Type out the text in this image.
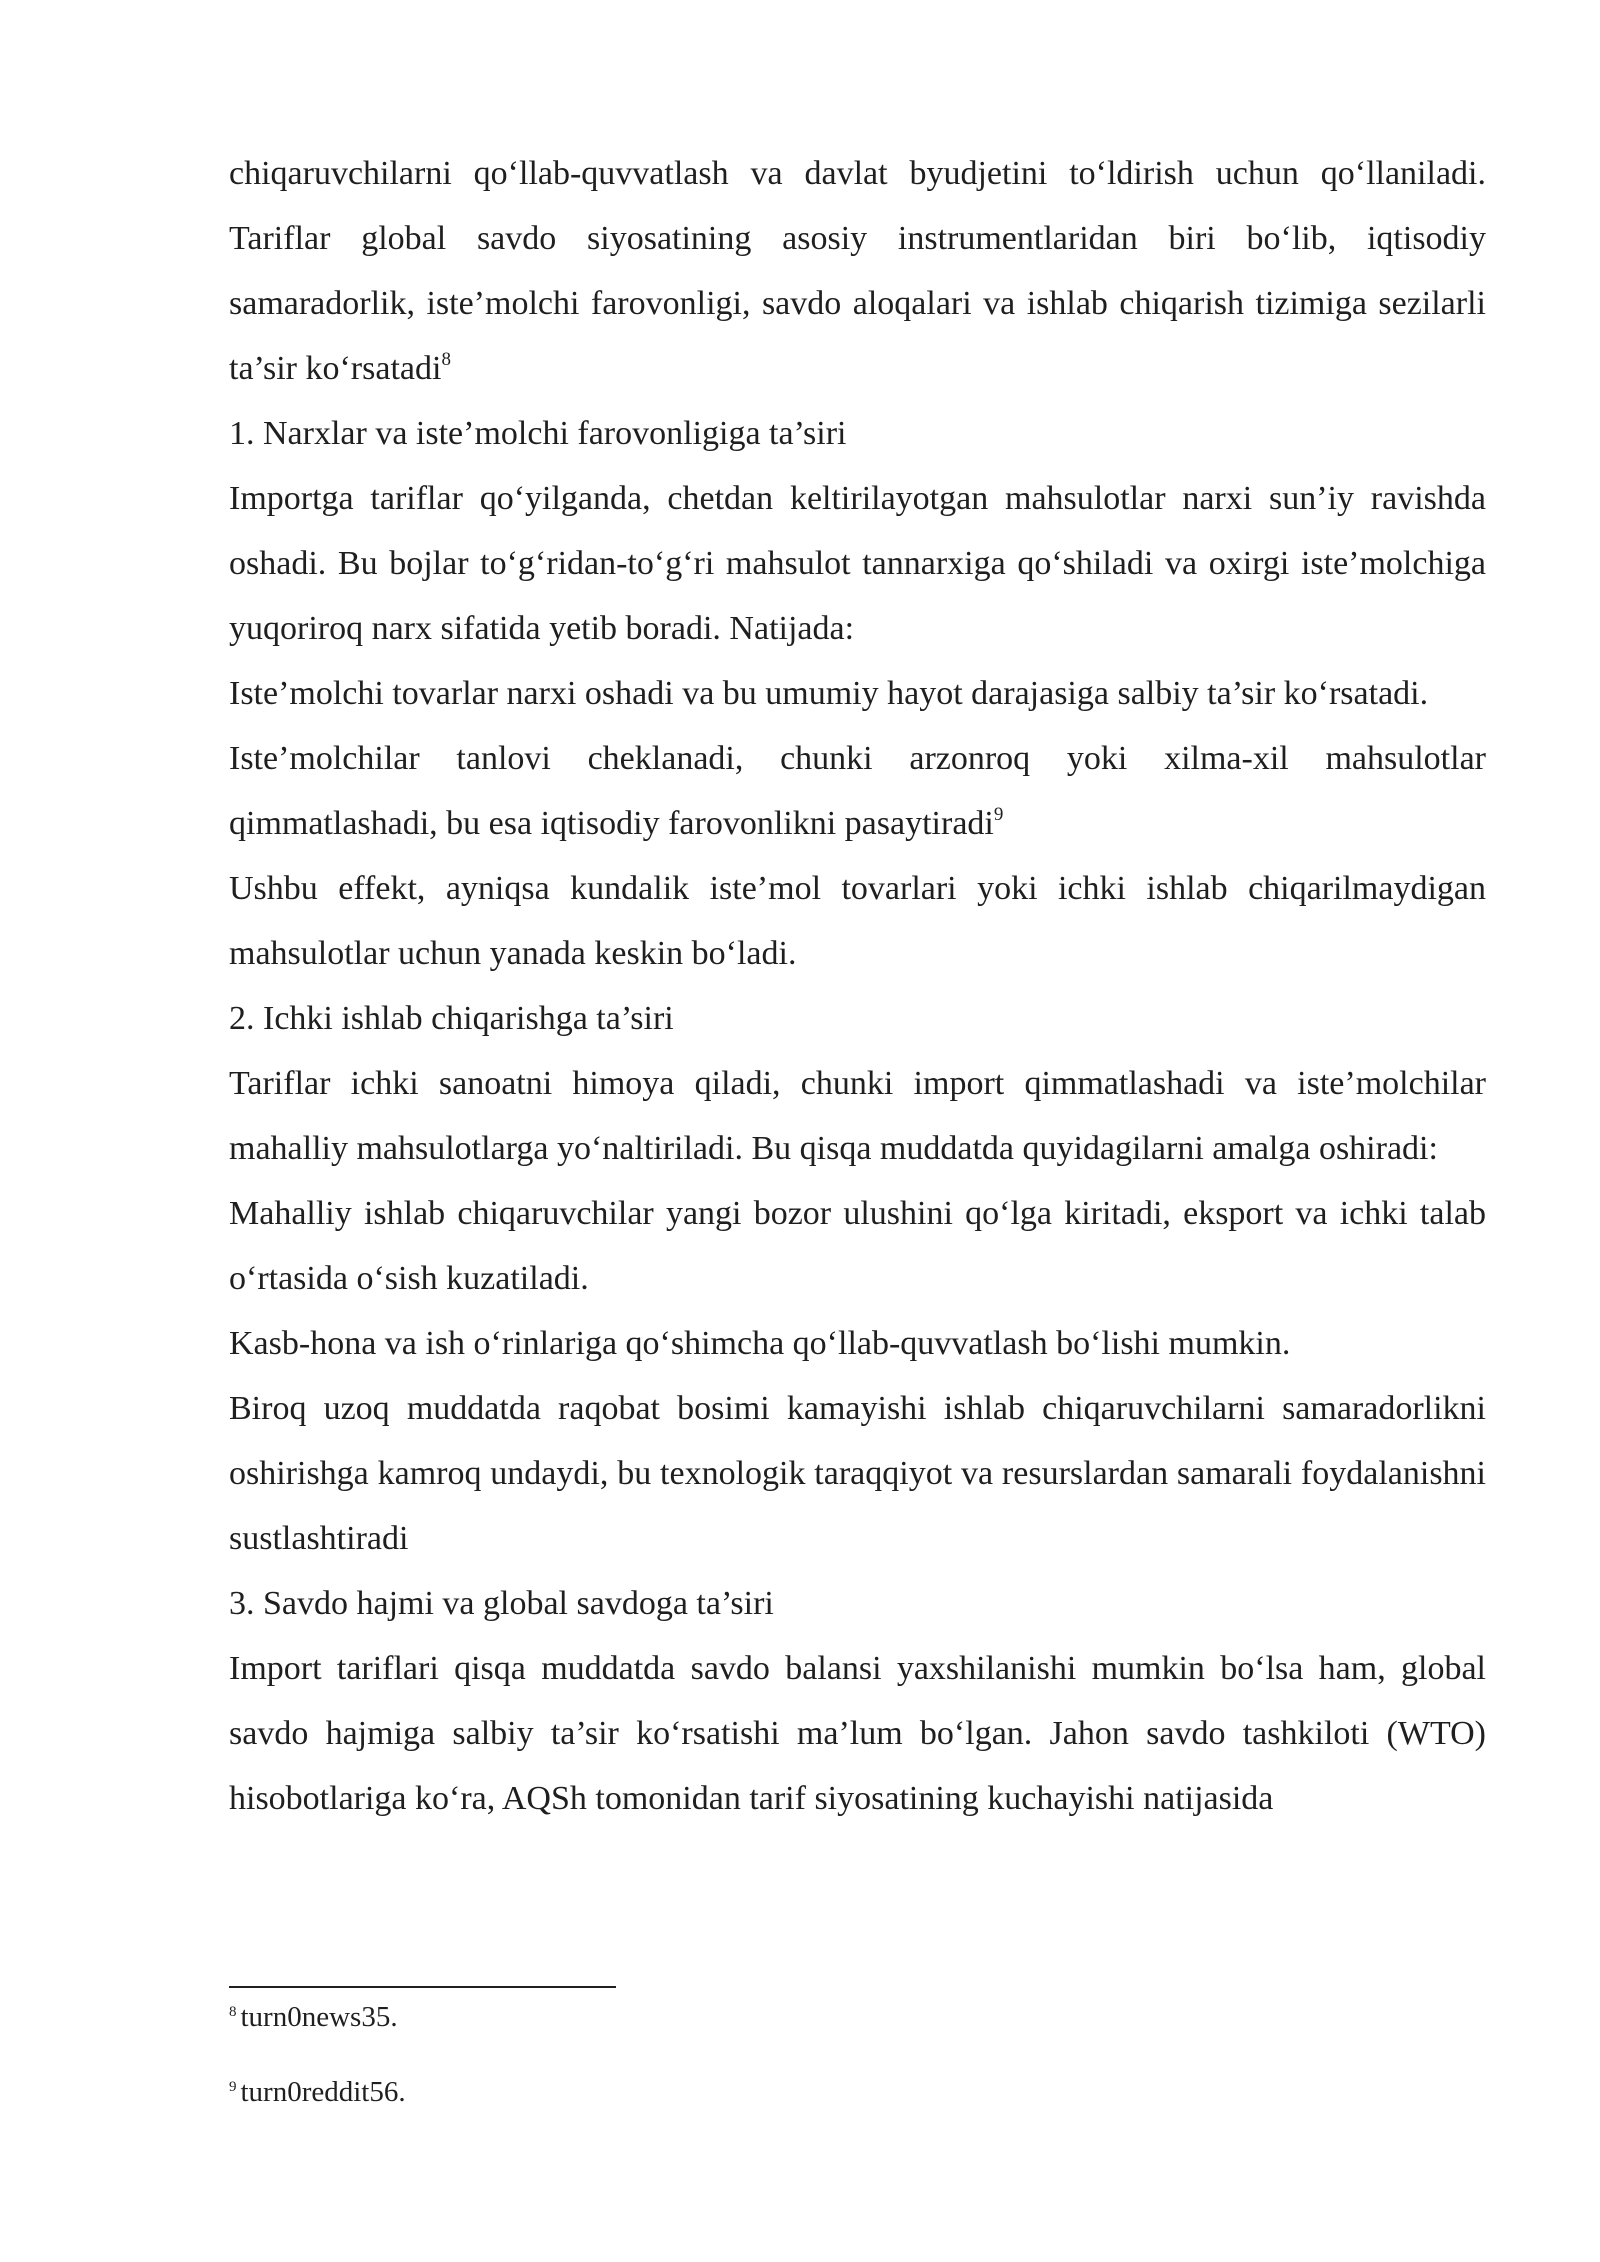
chiqaruvchilarni qo‘llab-quvvatlash va davlat byudjetini to‘ldirish uchun qo‘llaniladi. Tariflar global savdo siyosatining asosiy instrumentlaridan biri bo‘lib, iqtisodiy samaradorlik, iste’molchi farovonligi, savdo aloqalari va ishlab chiqarish tizimiga sezilarli ta’sir ko‘rsatadi$^8$

1. Narxlar va iste’molchi farovonligiga ta’siri

Importga tariflar qo‘yilganda, chetdan keltirilayotgan mahsulotlar narxi sun’iy ravishda oshadi. Bu bojlar to‘g‘ridan-to‘g‘ri mahsulot tannarxiga qo‘shiladi va oxirgi iste’molchiga yuqoriroq narx sifatida yetib boradi. Natijada:

Iste’molchi tovarlar narxi oshadi va bu umumiy hayot darajasiga salbiy ta’sir ko‘rsatadi.

Iste’molchilar tanlovi cheklanadi, chunki arzonroq yoki xilma-xil mahsulotlar qimmatlashadi, bu esa iqtisodiy farovonlikni pasaytiradi$^9$

Ushbu effekt, ayniqsa kundalik iste’mol tovarlari yoki ichki ishlab chiqarilmaydigan mahsulotlar uchun yanada keskin bo‘ladi.

2. Ichki ishlab chiqarishga ta’siri

Tariflar ichki sanoatni himoya qiladi, chunki import qimmatlashadi va iste’molchilar mahalliy mahsulotlarga yo‘naltiriladi. Bu qisqa muddatda quyidagilarni amalga oshiradi:

Mahalliy ishlab chiqaruvchilar yangi bozor ulushini qo‘lga kiritadi, eksport va ichki talab o‘rtasida o‘sish kuzatiladi.

Kasb-hona va ish o‘rinlariga qo‘shimcha qo‘llab-quvvatlash bo‘lishi mumkin.

Biroq uzoq muddatda raqobat bosimi kamayishi ishlab chiqaruvchilarni samaradorlikni oshirishga kamroq undaydi, bu texnologik taraqqiyot va resurslardan samarali foydalanishni sustlashtiradi

3. Savdo hajmi va global savdoga ta’siri

Import tariflari qisqa muddatda savdo balansi yaxshilanishi mumkin bo‘lsa ham, global savdo hajmiga salbiy ta’sir ko‘rsatishi ma’lum bo‘lgan. Jahon savdo tashkiloti (WTO) hisobotlariga ko‘ra, AQSh tomonidan tarif siyosatining kuchayishi natijasida

$^8$ turn0news35.

$^9$ turn0reddit56.
